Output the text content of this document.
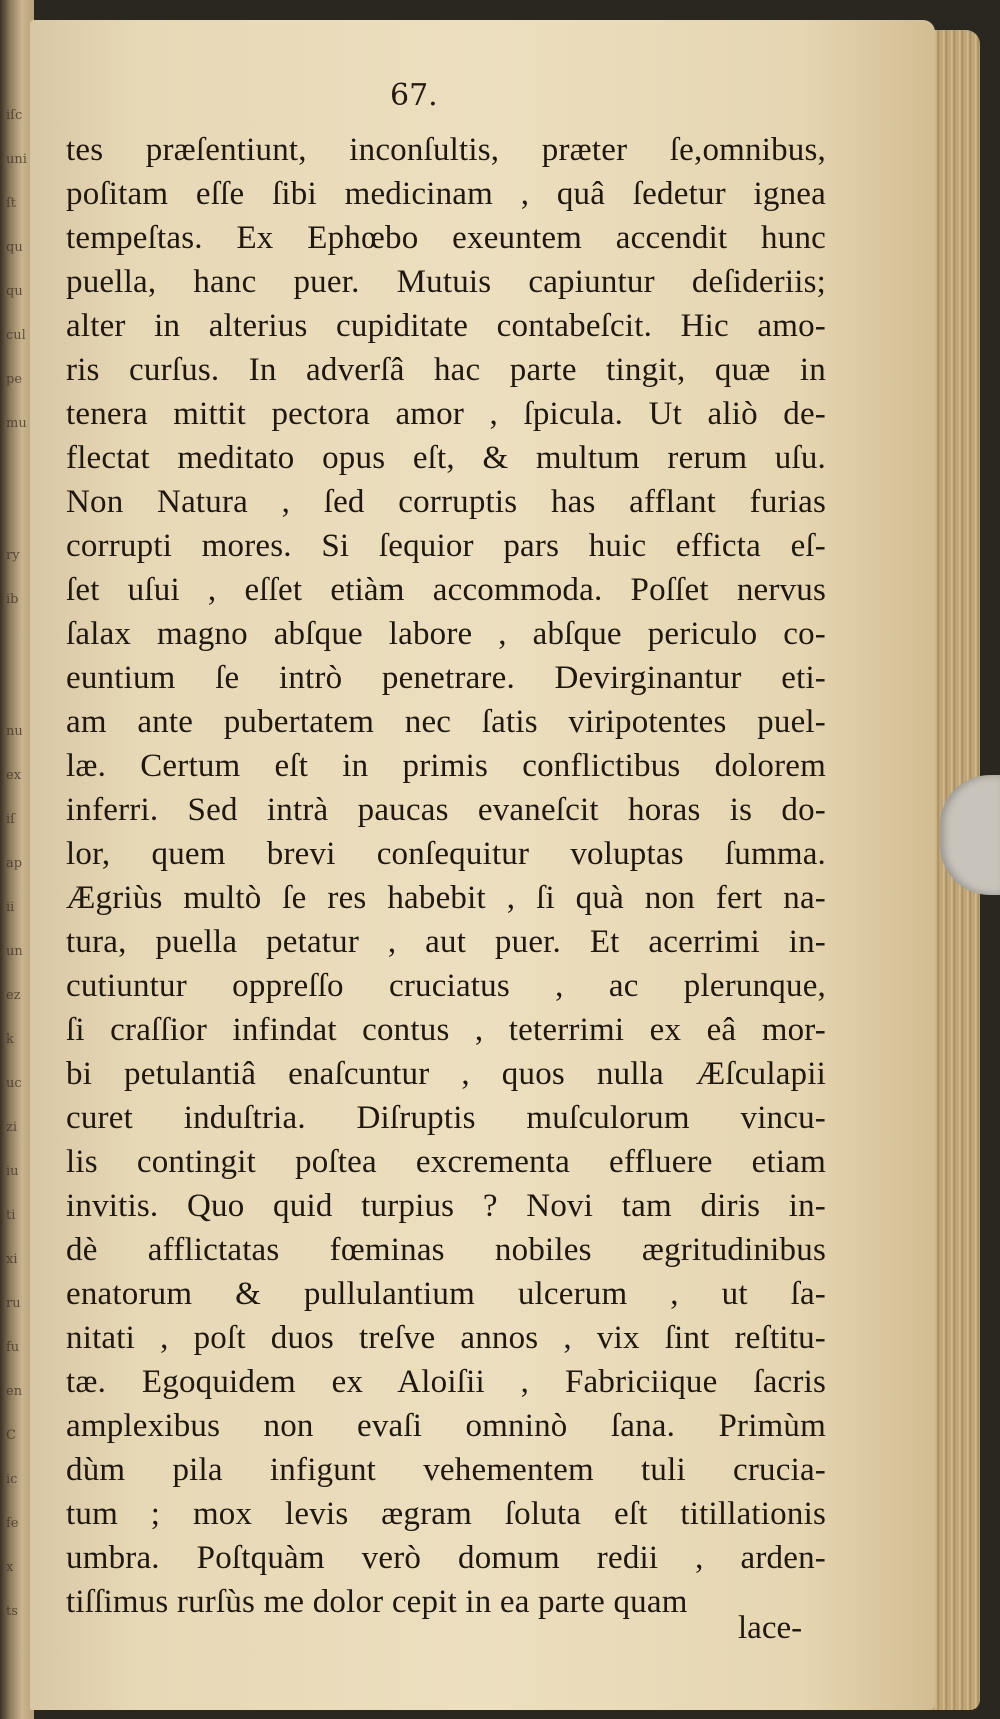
iſc
uni
ſt
qu
qu
cul
pe
mu
ry
ib
nu
ex
iſ
ap
ii
un
ez
k
uc
zi
iu
ti
xi
ru
fu
en
C
ic
fe
x
ts
67.
tes præſentiunt, inconſultis, præter ſe,omnibus,
poſitam eſſe ſibi medicinam , quâ ſedetur ignea
tempeſtas. Ex Ephœbo exeuntem accendit hunc
puella, hanc puer. Mutuis capiuntur deſideriis;
alter in alterius cupiditate contabeſcit. Hic amo-
ris curſus. In adverſâ hac parte tingit, quæ in
tenera mittit pectora amor , ſpicula. Ut aliò de-
flectat meditato opus eſt, & multum rerum uſu.
Non Natura , ſed corruptis has afflant furias
corrupti mores. Si ſequior pars huic efficta eſ-
ſet uſui , eſſet etiàm accommoda. Poſſet nervus
ſalax magno abſque labore , abſque periculo co-
euntium ſe intrò penetrare. Devirginantur eti-
am ante pubertatem nec ſatis viripotentes puel-
læ. Certum eſt in primis conflictibus dolorem
inferri. Sed intrà paucas evaneſcit horas is do-
lor, quem brevi conſequitur voluptas ſumma.
Ægriùs multò ſe res habebit , ſi quà non fert na-
tura, puella petatur , aut puer. Et acerrimi in-
cutiuntur oppreſſo cruciatus , ac plerunque,
ſi craſſior infindat contus , teterrimi ex eâ mor-
bi petulantiâ enaſcuntur , quos nulla Æſculapii
curet induſtria. Diſruptis muſculorum vincu-
lis contingit poſtea excrementa effluere etiam
invitis. Quo quid turpius ? Novi tam diris in-
dè afflictatas fœminas nobiles ægritudinibus
enatorum & pullulantium ulcerum , ut ſa-
nitati , poſt duos treſve annos , vix ſint reſtitu-
tæ. Egoquidem ex Aloiſii , Fabriciique ſacris
amplexibus non evaſi omninò ſana. Primùm
dùm pila infigunt vehementem tuli crucia-
tum ; mox levis ægram ſoluta eſt titillationis
umbra. Poſtquàm verò domum redii , arden-
tiſſimus rurſùs me dolor cepit in ea parte quam
lace-
